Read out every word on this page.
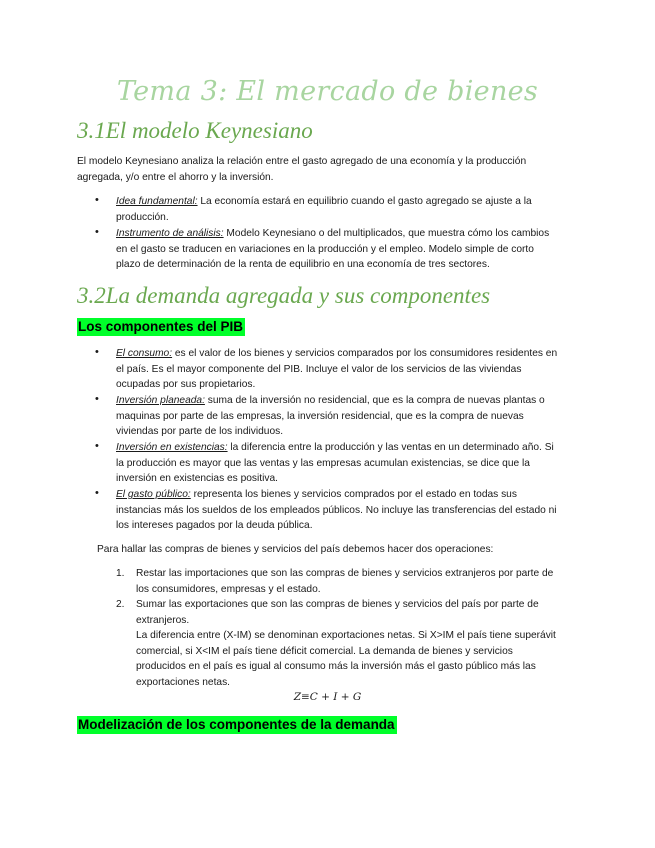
Tema 3: El mercado de bienes
3.1El modelo Keynesiano
El modelo Keynesiano analiza la relación entre el gasto agregado de una economía y la producción
agregada, y/o entre el ahorro y la inversión.
• Idea fundamental: La economía estará en equilibrio cuando el gasto agregado se ajuste a la
producción.
• Instrumento de análisis: Modelo Keynesiano o del multiplicados, que muestra cómo los cambios
en el gasto se traducen en variaciones en la producción y el empleo. Modelo simple de corto
plazo de determinación de la renta de equilibrio en una economía de tres sectores.
3.2La demanda agregada y sus componentes
Los componentes del PIB
• El consumo: es el valor de los bienes y servicios comparados por los consumidores residentes en
el país. Es el mayor componente del PIB. Incluye el valor de los servicios de las viviendas
ocupadas por sus propietarios.
• Inversión planeada: suma de la inversión no residencial, que es la compra de nuevas plantas o
maquinas por parte de las empresas, la inversión residencial, que es la compra de nuevas
viviendas por parte de los individuos.
• Inversión en existencias: la diferencia entre la producción y las ventas en un determinado año. Si
la producción es mayor que las ventas y las empresas acumulan existencias, se dice que la
inversión en existencias es positiva.
• El gasto público: representa los bienes y servicios comprados por el estado en todas sus
instancias más los sueldos de los empleados públicos. No incluye las transferencias del estado ni
los intereses pagados por la deuda pública.
Para hallar las compras de bienes y servicios del país debemos hacer dos operaciones:
1. Restar las importaciones que son las compras de bienes y servicios extranjeros por parte de
los consumidores, empresas y el estado.
2. Sumar las exportaciones que son las compras de bienes y servicios del país por parte de
extranjeros.
La diferencia entre (X-IM) se denominan exportaciones netas. Si X>IM el país tiene superávit
comercial, si X<IM el país tiene déficit comercial. La demanda de bienes y servicios
producidos en el país es igual al consumo más la inversión más el gasto público más las
exportaciones netas.
Z≡C + I + G
Modelización de los componentes de la demanda
